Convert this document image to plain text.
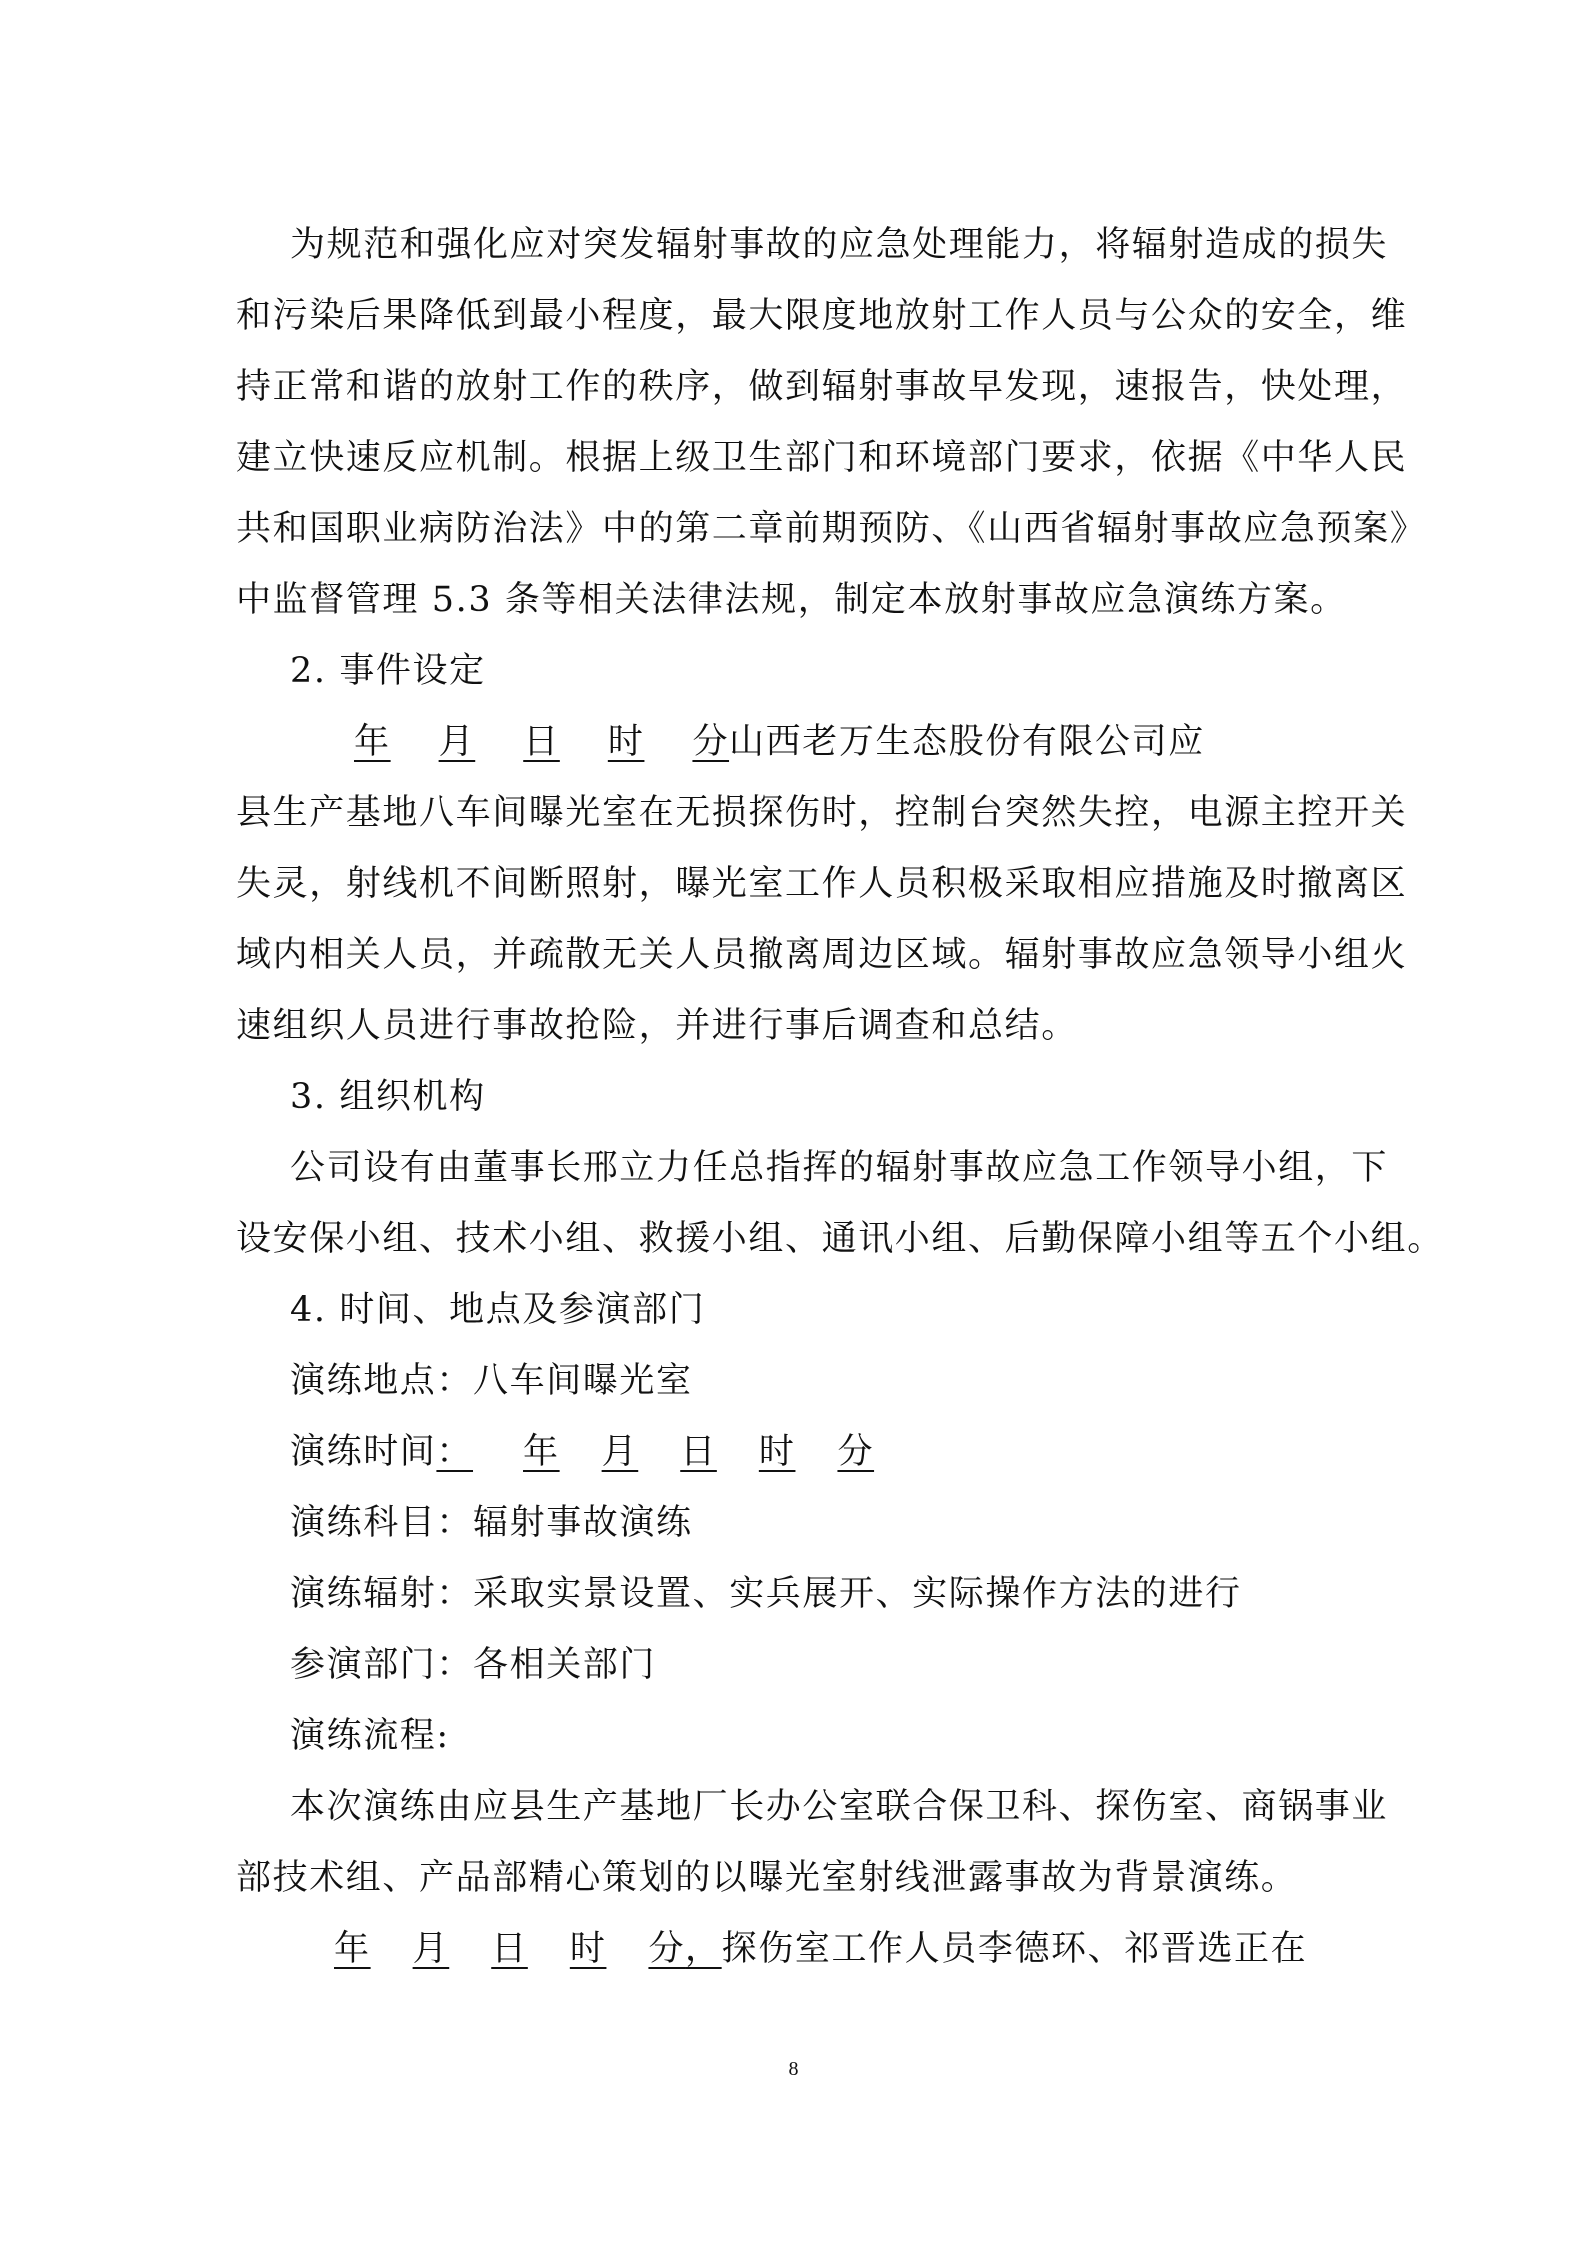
为规范和强化应对突发辐射事故的应急处理能力，将辐射造成的损失
和污染后果降低到最小程度，最大限度地放射工作人员与公众的安全，维
持正常和谐的放射工作的秩序，做到辐射事故早发现，速报告，快处理，
建立快速反应机制。根据上级卫生部门和环境部门要求，依据《中华人民
共和国职业病防治法》中的第二章前期预防、《山西省辐射事故应急预案》
中监督管理 5.3 条等相关法律法规，制定本放射事故应急演练方案。
2. 事件设定
年 月 日 时 分山西老万生态股份有限公司应
县生产基地八车间曝光室在无损探伤时，控制台突然失控，电源主控开关
失灵，射线机不间断照射，曝光室工作人员积极采取相应措施及时撤离区
域内相关人员，并疏散无关人员撤离周边区域。辐射事故应急领导小组火
速组织人员进行事故抢险，并进行事后调查和总结。
3. 组织机构
公司设有由董事长邢立力任总指挥的辐射事故应急工作领导小组，下
设安保小组、技术小组、救援小组、通讯小组、后勤保障小组等五个小组。
4. 时间、地点及参演部门
演练地点：八车间曝光室
演练时间： 年 月 日 时 分
演练科目：辐射事故演练
演练辐射：采取实景设置、实兵展开、实际操作方法的进行
参演部门：各相关部门
演练流程:
本次演练由应县生产基地厂长办公室联合保卫科、探伤室、商锅事业
部技术组、产品部精心策划的以曝光室射线泄露事故为背景演练。
年 月 日 时 分，探伤室工作人员李德环、祁晋选正在
8
